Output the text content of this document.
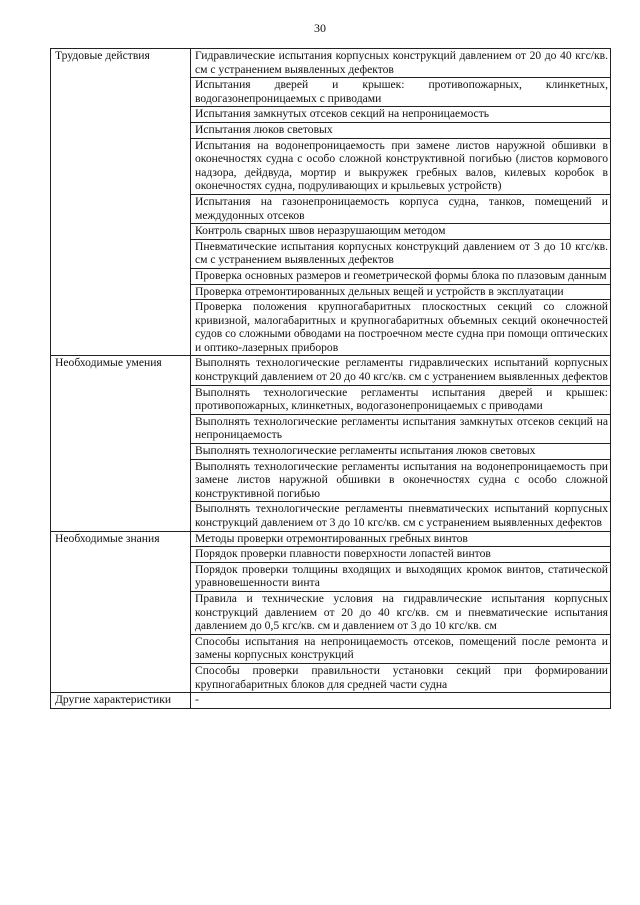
30
Трудовые действия	Гидравлические испытания корпусных конструкций давлением от 20 до 40 кгс/кв. см с устранением выявленных дефектов
	Испытания дверей и крышек: противопожарных, клинкетных, водогазонепроницаемых с приводами
	Испытания замкнутых отсеков секций на непроницаемость
	Испытания люков световых
	Испытания на водонепроницаемость при замене листов наружной обшивки в оконечностях судна с особо сложной конструктивной погибью (листов кормового надзора, дейдвуда, мортир и выкружек гребных валов, килевых коробок в оконечностях судна, подруливающих и крыльевых устройств)
	Испытания на газонепроницаемость корпуса судна, танков, помещений и междудонных отсеков
	Контроль сварных швов неразрушающим методом
	Пневматические испытания корпусных конструкций давлением от 3 до 10 кгс/кв. см с устранением выявленных дефектов
	Проверка основных размеров и геометрической формы блока по плазовым данным
	Проверка отремонтированных дельных вещей и устройств в эксплуатации
	Проверка положения крупногабаритных плоскостных секций со сложной кривизной, малогабаритных и крупногабаритных объемных секций оконечностей судов со сложными обводами на построечном месте судна при помощи оптических и оптико-лазерных приборов
Необходимые умения	Выполнять технологические регламенты гидравлических испытаний корпусных конструкций давлением от 20 до 40 кгс/кв. см с устранением выявленных дефектов
	Выполнять технологические регламенты испытания дверей и крышек: противопожарных, клинкетных, водогазонепроницаемых с приводами
	Выполнять технологические регламенты испытания замкнутых отсеков секций на непроницаемость
	Выполнять технологические регламенты испытания люков световых
	Выполнять технологические регламенты испытания на водонепроницаемость при замене листов наружной обшивки в оконечностях судна с особо сложной конструктивной погибью
	Выполнять технологические регламенты пневматических испытаний корпусных конструкций давлением от 3 до 10 кгс/кв. см с устранением выявленных дефектов
Необходимые знания	Методы проверки отремонтированных гребных винтов
	Порядок проверки плавности поверхности лопастей винтов
	Порядок проверки толщины входящих и выходящих кромок винтов, статической уравновешенности винта
	Правила и технические условия на гидравлические испытания корпусных конструкций давлением от 20 до 40 кгс/кв. см и пневматические испытания давлением до 0,5 кгс/кв. см и давлением от 3 до 10 кгс/кв. см
	Способы испытания на непроницаемость отсеков, помещений после ремонта и замены корпусных конструкций
	Способы проверки правильности установки секций при формировании крупногабаритных блоков для средней части судна
Другие характеристики	-
